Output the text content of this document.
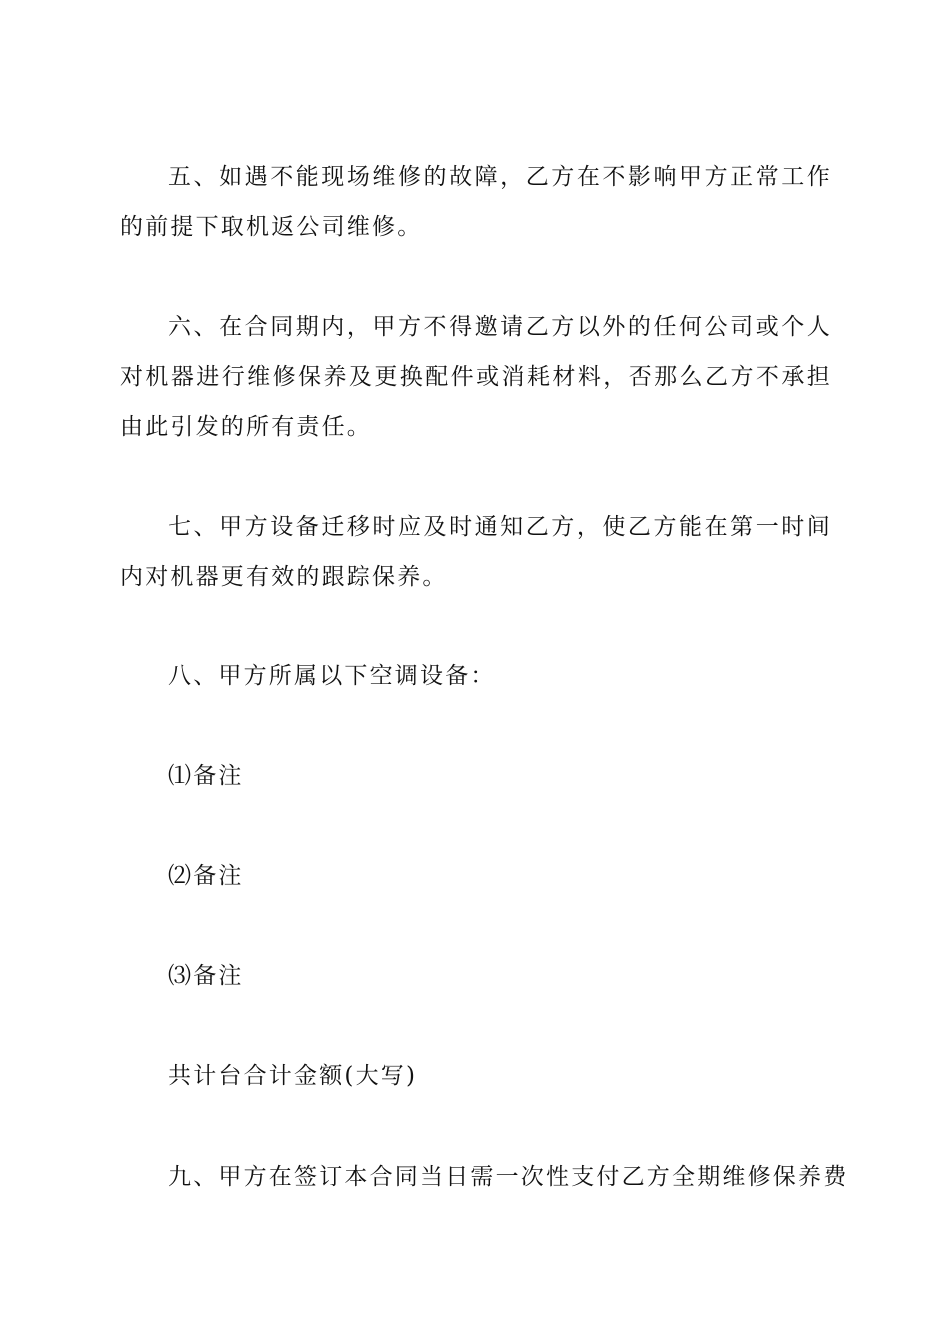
五、如遇不能现场维修的故障，乙方在不影响甲方正常工作的前提下取机返公司维修。

六、在合同期内，甲方不得邀请乙方以外的任何公司或个人对机器进行维修保养及更换配件或消耗材料，否那么乙方不承担由此引发的所有责任。

七、甲方设备迁移时应及时通知乙方，使乙方能在第一时间内对机器更有效的跟踪保养。

八、甲方所属以下空调设备：

⑴备注

⑵备注

⑶备注

共计台合计金额(大写)

九、甲方在签订本合同当日需一次性支付乙方全期维修保养费
